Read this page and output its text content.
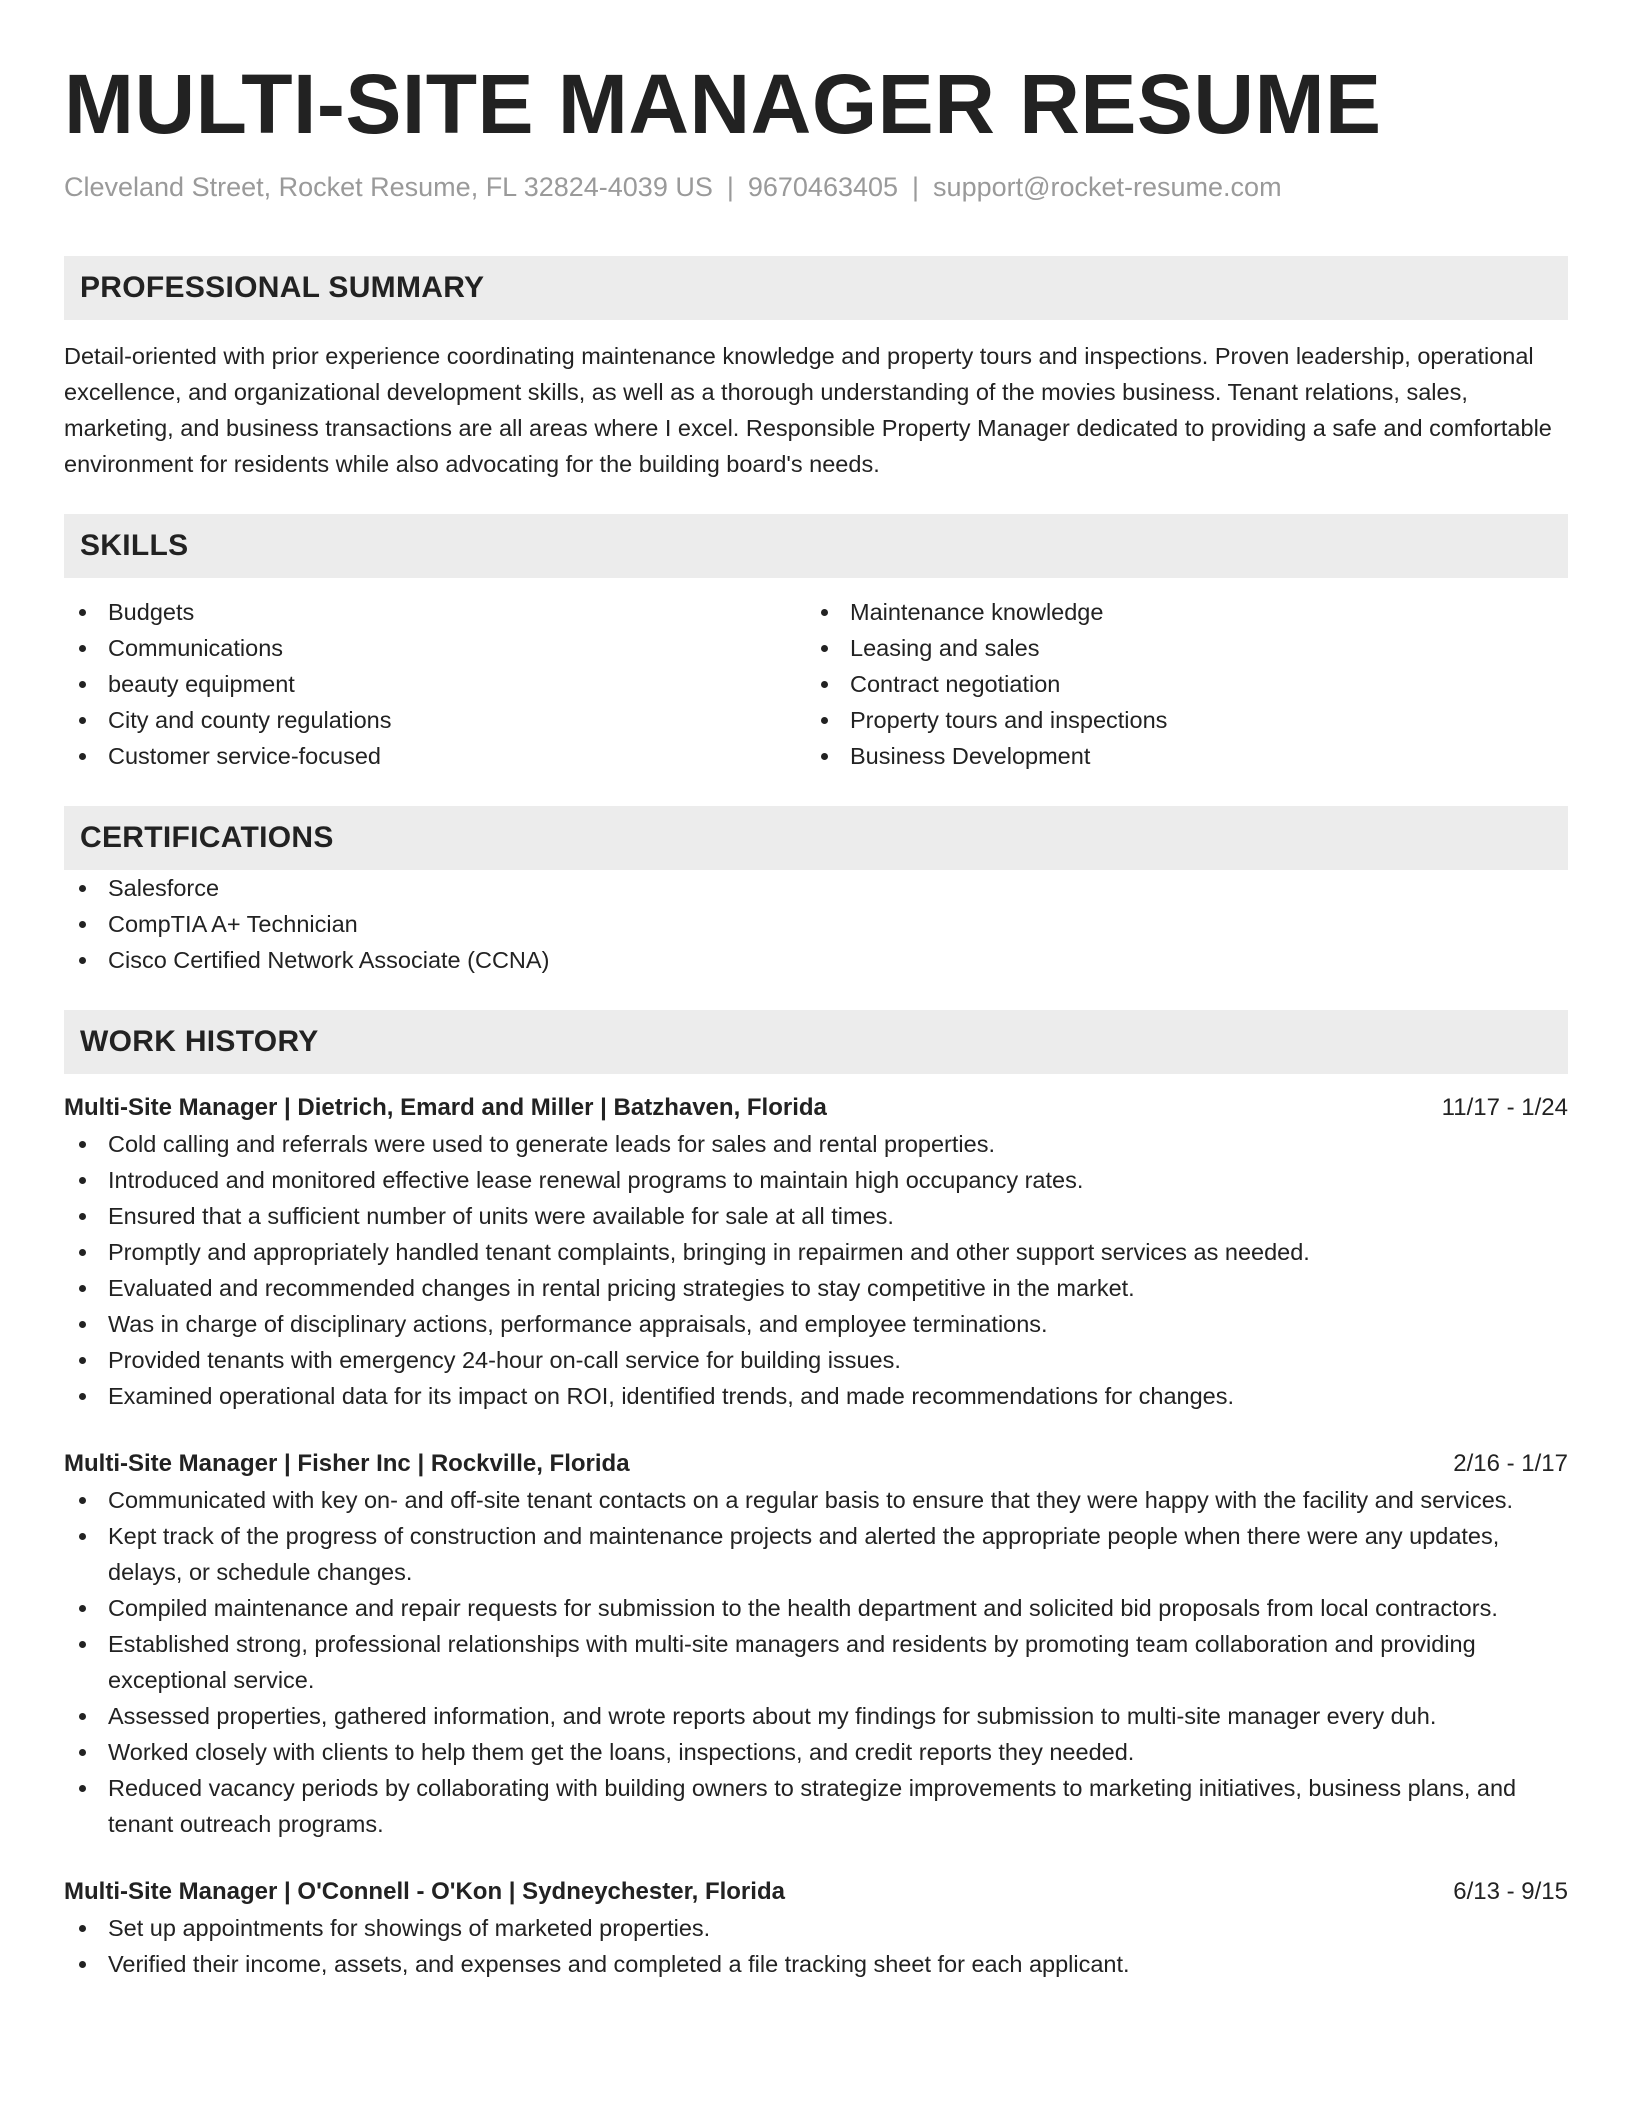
MULTI-SITE MANAGER RESUME
Cleveland Street, Rocket Resume, FL 32824-4039 US | 9670463405 | support@rocket-resume.com
PROFESSIONAL SUMMARY
Detail-oriented with prior experience coordinating maintenance knowledge and property tours and inspections. Proven leadership, operational excellence, and organizational development skills, as well as a thorough understanding of the movies business. Tenant relations, sales, marketing, and business transactions are all areas where I excel. Responsible Property Manager dedicated to providing a safe and comfortable environment for residents while also advocating for the building board's needs.
SKILLS
Budgets
Communications
beauty equipment
City and county regulations
Customer service-focused
Maintenance knowledge
Leasing and sales
Contract negotiation
Property tours and inspections
Business Development
CERTIFICATIONS
Salesforce
CompTIA A+ Technician
Cisco Certified Network Associate (CCNA)
WORK HISTORY
Multi-Site Manager | Dietrich, Emard and Miller | Batzhaven, Florida	11/17 - 1/24
Cold calling and referrals were used to generate leads for sales and rental properties.
Introduced and monitored effective lease renewal programs to maintain high occupancy rates.
Ensured that a sufficient number of units were available for sale at all times.
Promptly and appropriately handled tenant complaints, bringing in repairmen and other support services as needed.
Evaluated and recommended changes in rental pricing strategies to stay competitive in the market.
Was in charge of disciplinary actions, performance appraisals, and employee terminations.
Provided tenants with emergency 24-hour on-call service for building issues.
Examined operational data for its impact on ROI, identified trends, and made recommendations for changes.
Multi-Site Manager | Fisher Inc | Rockville, Florida	2/16 - 1/17
Communicated with key on- and off-site tenant contacts on a regular basis to ensure that they were happy with the facility and services.
Kept track of the progress of construction and maintenance projects and alerted the appropriate people when there were any updates, delays, or schedule changes.
Compiled maintenance and repair requests for submission to the health department and solicited bid proposals from local contractors.
Established strong, professional relationships with multi-site managers and residents by promoting team collaboration and providing exceptional service.
Assessed properties, gathered information, and wrote reports about my findings for submission to multi-site manager every duh.
Worked closely with clients to help them get the loans, inspections, and credit reports they needed.
Reduced vacancy periods by collaborating with building owners to strategize improvements to marketing initiatives, business plans, and tenant outreach programs.
Multi-Site Manager | O'Connell - O'Kon | Sydneychester, Florida	6/13 - 9/15
Set up appointments for showings of marketed properties.
Verified their income, assets, and expenses and completed a file tracking sheet for each applicant.
